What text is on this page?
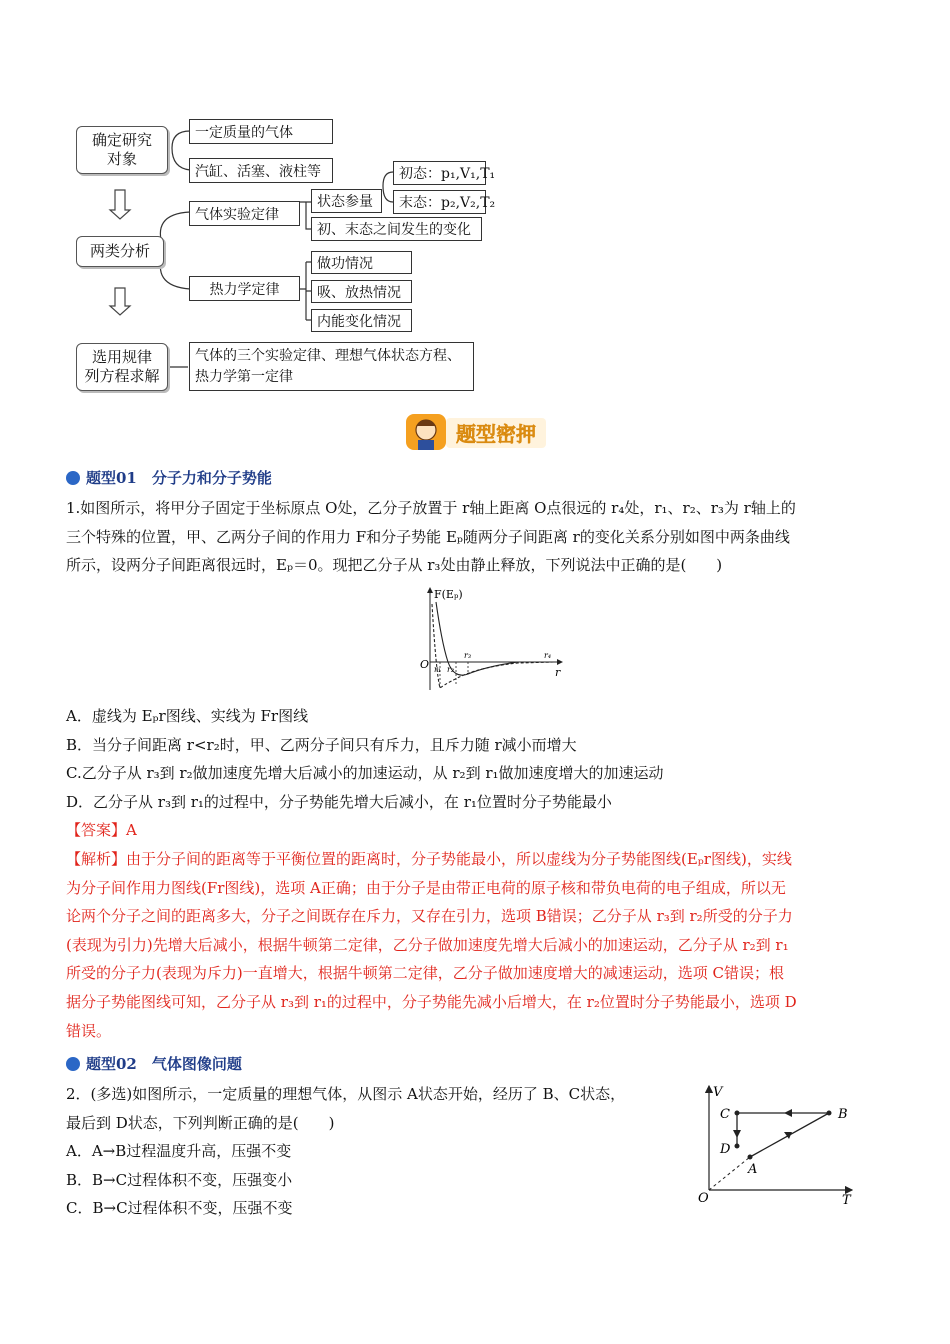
确定研究
对象
两类分析
选用规律
列方程求解
一定质量的气体
汽缸、活塞、液柱等
气体实验定律
状态参量
初态：p₁,V₁,T₁
末态：p₂,V₂,T₂
初、末态之间发生的变化
热力学定律
做功情况
吸、放热情况
内能变化情况
气体的三个实验定律、理想气体状态方程、
热力学第一定律
题型密押
题型01　分子力和分子势能
1.如图所示，将甲分子固定于坐标原点 O处，乙分子放置于 r轴上距离 O点很远的 r₄处，r₁、r₂、r₃为 r轴上的
三个特殊的位置，甲、乙两分子间的作用力 F和分子势能 Eₚ随两分子间距离 r的变化关系分别如图中两条曲线
所示，设两分子间距离很远时，Eₚ＝0。现把乙分子从 r₃处由静止释放，下列说法中正确的是(　　)
F(Eₚ)
r
O r₁ r₂
r₃	r₄
A．虚线为 Eₚr图线、实线为 Fr图线
B．当分子间距离 r<r₂时，甲、乙两分子间只有斥力，且斥力随 r减小而增大
C.乙分子从 r₃到 r₂做加速度先增大后减小的加速运动，从 r₂到 r₁做加速度增大的加速运动
D．乙分子从 r₃到 r₁的过程中，分子势能先增大后减小，在 r₁位置时分子势能最小
【答案】A
【解析】由于分子间的距离等于平衡位置的距离时，分子势能最小，所以虚线为分子势能图线(Eₚr图线)，实线
为分子间作用力图线(Fr图线)，选项 A正确；由于分子是由带正电荷的原子核和带负电荷的电子组成，所以无
论两个分子之间的距离多大，分子之间既存在斥力，又存在引力，选项 B错误；乙分子从 r₃到 r₂所受的分子力
(表现为引力)先增大后减小，根据牛顿第二定律，乙分子做加速度先增大后减小的加速运动，乙分子从 r₂到 r₁
所受的分子力(表现为斥力)一直增大，根据牛顿第二定律，乙分子做加速度增大的减速运动，选项 C错误；根
据分子势能图线可知，乙分子从 r₃到 r₁的过程中，分子势能先减小后增大，在 r₂位置时分子势能最小，选项 D
错误。
题型02　气体图像问题
2．(多选)如图所示，一定质量的理想气体，从图示 A状态开始，经历了 B、C状态，
最后到 D状态，下列判断正确的是(　　)
A．A→B过程温度升高，压强不变
B．B→C过程体积不变，压强变小
C．B→C过程体积不变，压强不变
V
T
O
A
B
C
D
